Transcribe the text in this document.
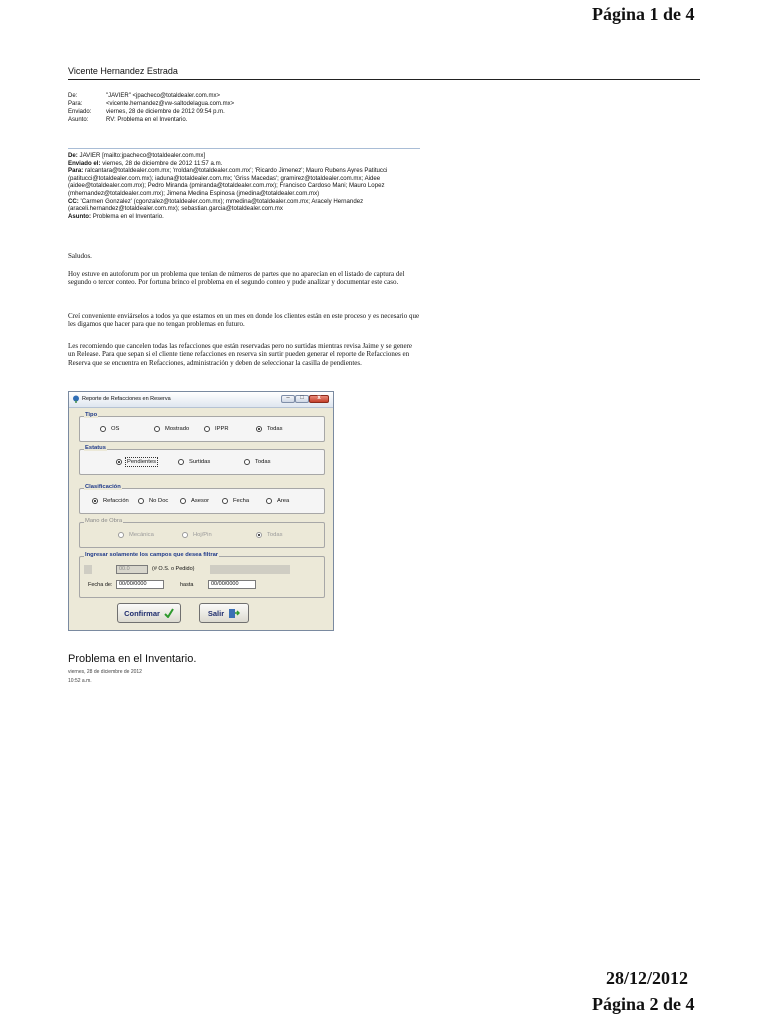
Página 1 de 4
Vicente Hernandez Estrada
De:	"JAVIER" <jpacheco@totaldealer.com.mx>
Para:	<vicente.hernandez@vw-saltodelagua.com.mx>
Enviado:	viernes, 28 de diciembre de 2012 09:54 p.m.
Asunto:	RV: Problema en el Inventario.
De: JAVIER [mailto:jpacheco@totaldealer.com.mx]
Enviado el: viernes, 28 de diciembre de 2012 11:57 a.m.
Para: ralcantara@totaldealer.com.mx; 'rroldan@totaldealer.com.mx'; 'Ricardo Jimenez'; Mauro Rubens Ayres Patitucci (patitucci@totaldealer.com.mx); iaduna@totaldealer.com.mx; 'Griss Macedas'; gramirez@totaldealer.com.mx; Aidee (aidee@totaldealer.com.mx); Pedro Miranda (pmiranda@totaldealer.com.mx); Francisco Cardoso Mani; Mauro Lopez (mhernandez@totaldealer.com.mx); Jimena Medina Espinosa (jmedina@totaldealer.com.mx)
CC: 'Carmen Gonzalez' (cgonzalez@totaldealer.com.mx); mmedina@totaldealer.com.mx; Aracely Hernandez (araceli.hernandez@totaldealer.com.mx); sebastian.garcia@totaldealer.com.mx
Asunto: Problema en el Inventario.
Saludos.
Hoy estuve en autoforum por un problema que tenían de números de partes que no aparecían en el listado de captura del segundo o tercer conteo. Por fortuna brinco el problema en el segundo conteo y pude analizar y documentar este caso.
Creí conveniente enviárselos a todos ya que estamos en un mes en donde los clientes están en este proceso y es necesario que les digamos que hacer para que no tengan problemas en futuro.
Les recomiendo que cancelen todas las refacciones que están reservadas pero no surtidas mientras revisa Jaime y se genere un Release. Para que sepan si el cliente tiene refacciones en reserva sin surtir pueden generar el reporte de Refacciones en Reserva que se encuentra en Refacciones, administración y deben de seleccionar la casilla de pendientes.
Reporte de Refacciones en Reserva	–	□	x
Tipo
OS	Mostrado	IPPR	Todas
Estatus
Pendientes	Surtidas	Todas
Clasificación
Refacción	No Doc	Asesor	Fecha	Area
Mano de Obra
Mecánica	Hoj/Pin	Todas
Ingresar solamente los campos que desea filtrar
00.0	(# O.S. o Pedido)
Fecha de:	00/00/0000	hasta	00/00/0000
Confirmar	Salir
Problema en el Inventario.
viernes, 28 de diciembre de 2012
10:52 a.m.
28/12/2012
Página 2 de 4
